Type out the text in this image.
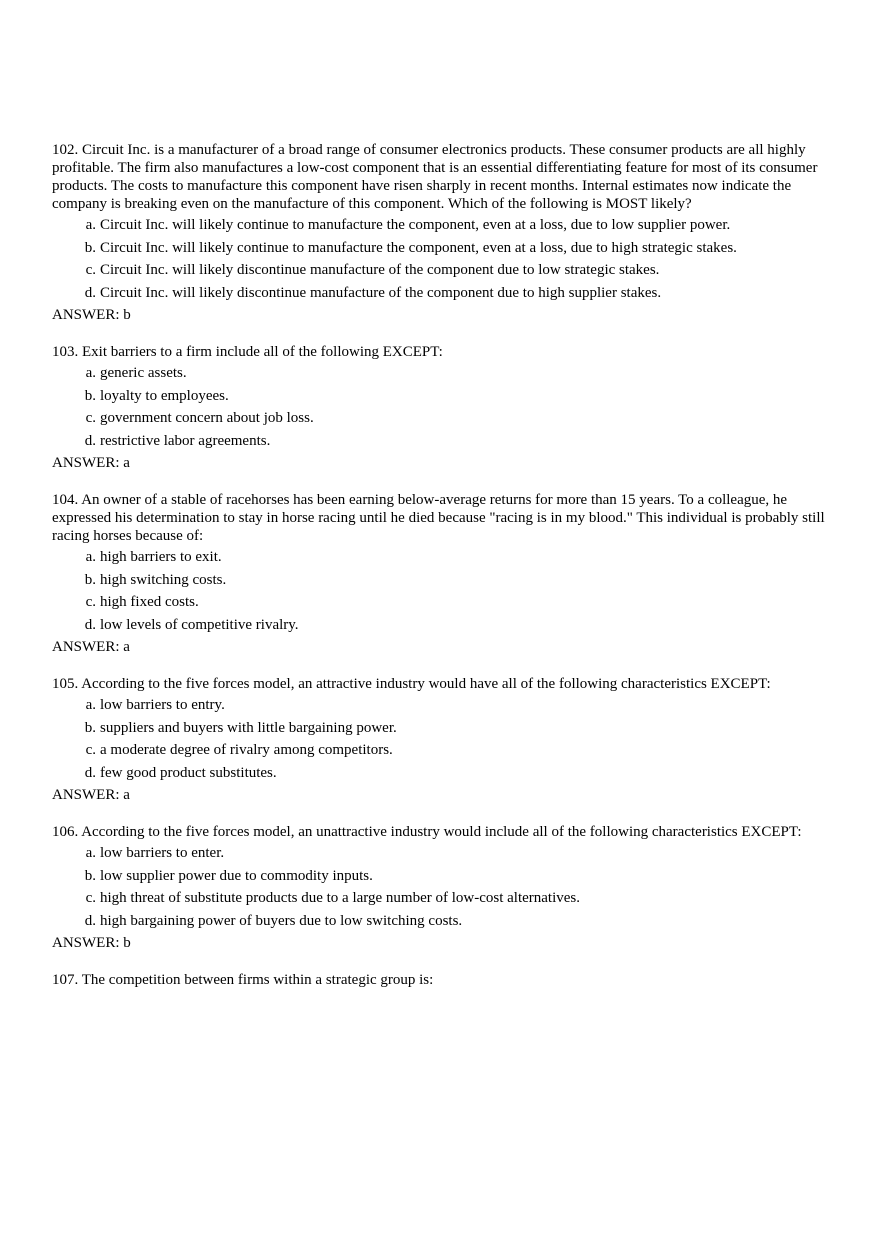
102. Circuit Inc. is a manufacturer of a broad range of consumer electronics products. These consumer products are all highly profitable. The firm also manufactures a low-cost component that is an essential differentiating feature for most of its consumer products. The costs to manufacture this component have risen sharply in recent months. Internal estimates now indicate the company is breaking even on the manufacture of this component. Which of the following is MOST likely?

a. Circuit Inc. will likely continue to manufacture the component, even at a loss, due to low supplier power.
b. Circuit Inc. will likely continue to manufacture the component, even at a loss, due to high strategic stakes.
c. Circuit Inc. will likely discontinue manufacture of the component due to low strategic stakes.
d. Circuit Inc. will likely discontinue manufacture of the component due to high supplier stakes.

ANSWER: b

103. Exit barriers to a firm include all of the following EXCEPT:

a. generic assets.
b. loyalty to employees.
c. government concern about job loss.
d. restrictive labor agreements.

ANSWER: a

104. An owner of a stable of racehorses has been earning below-average returns for more than 15 years. To a colleague, he expressed his determination to stay in horse racing until he died because "racing is in my blood." This individual is probably still racing horses because of:

a. high barriers to exit.
b. high switching costs.
c. high fixed costs.
d. low levels of competitive rivalry.

ANSWER: a

105. According to the five forces model, an attractive industry would have all of the following characteristics EXCEPT:

a. low barriers to entry.
b. suppliers and buyers with little bargaining power.
c. a moderate degree of rivalry among competitors.
d. few good product substitutes.

ANSWER: a

106. According to the five forces model, an unattractive industry would include all of the following characteristics EXCEPT:

a. low barriers to enter.
b. low supplier power due to commodity inputs.
c. high threat of substitute products due to a large number of low-cost alternatives.
d. high bargaining power of buyers due to low switching costs.

ANSWER: b

107. The competition between firms within a strategic group is:
